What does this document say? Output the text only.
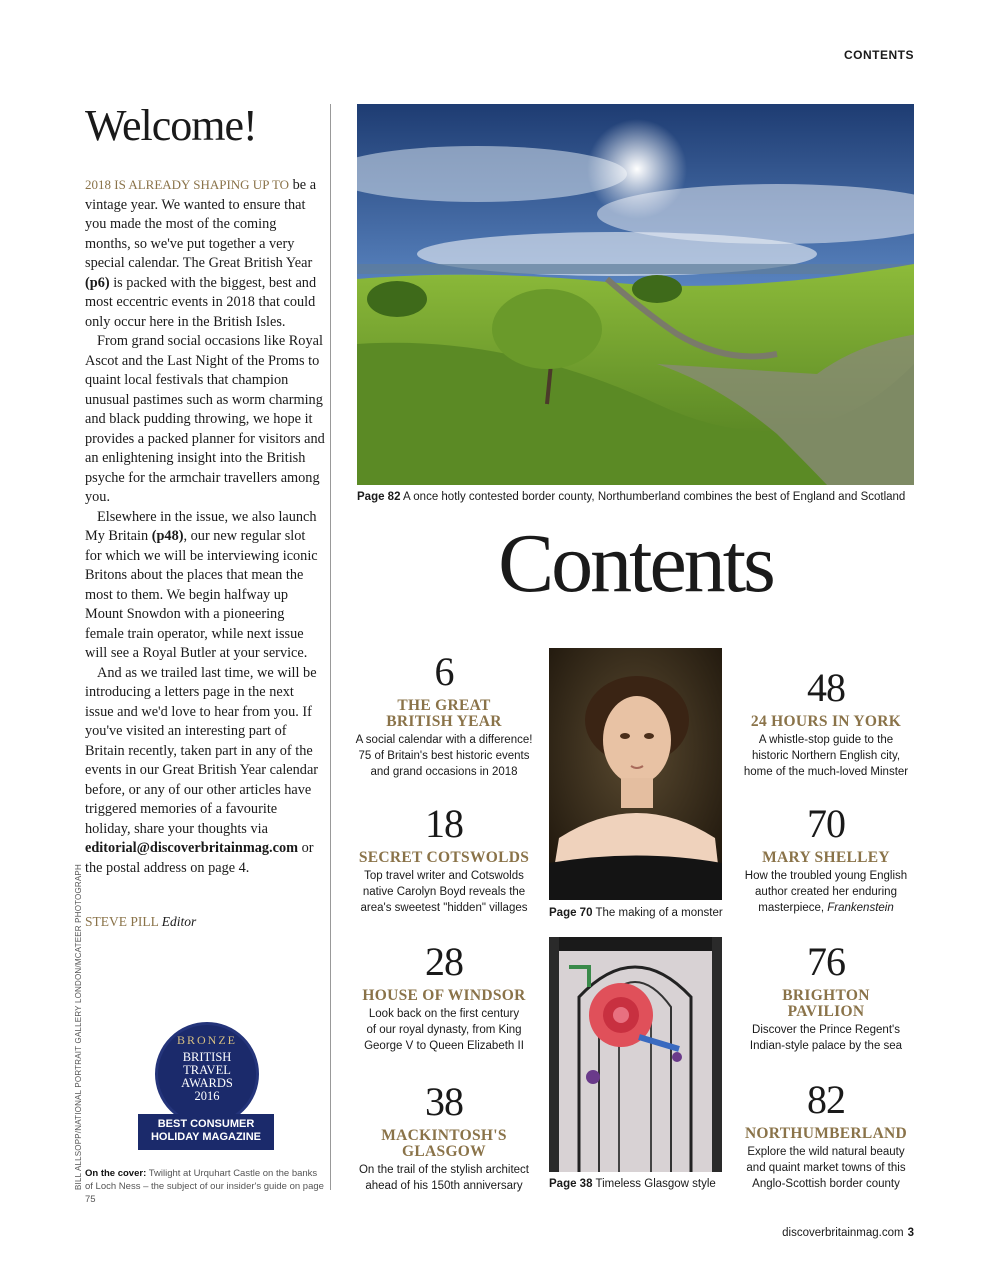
CONTENTS
Welcome!

2018 IS ALREADY SHAPING UP TO be a vintage year. We wanted to ensure that you made the most of the coming months, so we've put together a very special calendar. The Great British Year (p6) is packed with the biggest, best and most eccentric events in 2018 that could only occur here in the British Isles.

From grand social occasions like Royal Ascot and the Last Night of the Proms to quaint local festivals that champion unusual pastimes such as worm charming and black pudding throwing, we hope it provides a packed planner for visitors and an enlightening insight into the British psyche for the armchair travellers among you.

Elsewhere in the issue, we also launch My Britain (p48), our new regular slot for which we will be interviewing iconic Britons about the places that mean the most to them. We begin halfway up Mount Snowdon with a pioneering female train operator, while next issue will see a Royal Butler at your service.

And as we trailed last time, we will be introducing a letters page in the next issue and we'd love to hear from you. If you've visited an interesting part of Britain recently, taken part in any of the events in our Great British Year calendar before, or any of our other articles have triggered memories of a favourite holiday, share your thoughts via editorial@discoverbritainmag.com or the postal address on page 4.

STEVE PILL Editor
BILL ALLSOPP/NATIONAL PORTRAIT GALLERY LONDON/MCATEER PHOTOGRAPH	BRONZE
BRITISH
TRAVEL
AWARDS
2016
BEST CONSUMER
HOLIDAY MAGAZINE
On the cover: Twilight at Urquhart Castle on the banks of Loch Ness – the subject of our insider's guide on page 75
Page 82 A once hotly contested border county, Northumberland combines the best of England and Scotland
Contents
6
THE GREAT
BRITISH YEAR
A social calendar with a difference!
75 of Britain's best historic events
and grand occasions in 2018
18
SECRET COTSWOLDS
Top travel writer and Cotswolds
native Carolyn Boyd reveals the
area's sweetest "hidden" villages
28
HOUSE OF WINDSOR
Look back on the first century
of our royal dynasty, from King
George V to Queen Elizabeth II
38
MACKINTOSH'S
GLASGOW
On the trail of the stylish architect
ahead of his 150th anniversary
Page 70 The making of a monster
Page 38 Timeless Glasgow style
48
24 HOURS IN YORK
A whistle-stop guide to the
historic Northern English city,
home of the much-loved Minster
70
MARY SHELLEY
How the troubled young English
author created her enduring
masterpiece, Frankenstein
76
BRIGHTON
PAVILION
Discover the Prince Regent's
Indian-style palace by the sea
82
NORTHUMBERLAND
Explore the wild natural beauty
and quaint market towns of this
Anglo-Scottish border county
discoverbritainmag.com 3
